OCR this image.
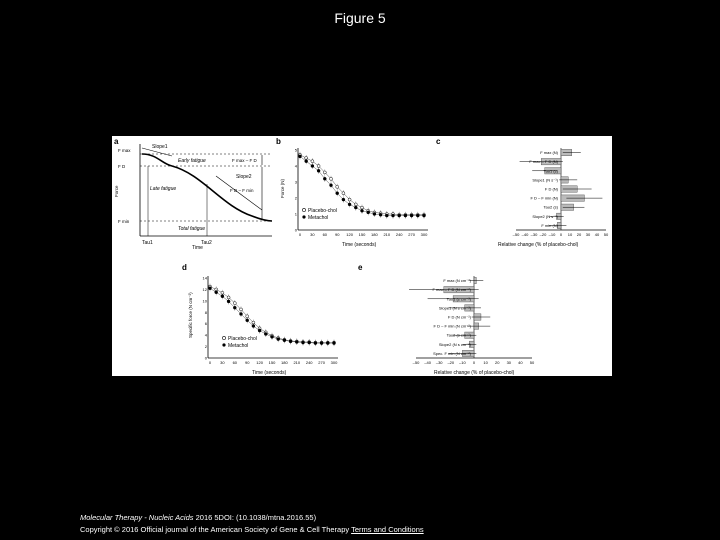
Figure 5
a
F max
F D
F min
Force
Slope1
Early fatigue	F max – F D
Slope2
Late fatigue	F D – F min
Total fatigue
Tau1	Tau2
Time
b
Force (N)
Time (seconds)
0 30 60 90 120 150 180 210 240 270 300
0
1
2
3
4
5
Placebo-chol
Metachol
c
–50 –40 –30 –20 –10 0 10 20 30 40 50
F max (N)
F max – F D (N)
Tau1 (s)
Slope1 (N s⁻¹)
F D (N)
F D – F min (N)
Tau2 (s)
Slope2 (N s⁻¹)
F min (N)
Relative change (% of placebo-chol)
d
Specific force (N cm⁻²)
Time (seconds)
0 30 60 90 120 150 180 210 240 270 300
0
2
4
6
8
10
12
14
Placebo-chol
Metachol
e
–50 –40 –30 –20 –10 0 10 20 30 40 50
F max (N cm⁻²)
F max – F D (N cm⁻²)
Tau1 (s cm⁻²)
Slope1 (N s cm⁻²)
F D (N cm⁻²)
F D – F min (N cm⁻²)
Tau2 (s cm⁻²)
Slope2 (N s cm⁻²)
Spec. F min (N cm⁻²)
Relative change (% of placebo-chol)
Molecular Therapy - Nucleic Acids 2016 5DOI: (10.1038/mtna.2016.55)
Copyright © 2016 Official journal of the American Society of Gene & Cell Therapy Terms and Conditions
